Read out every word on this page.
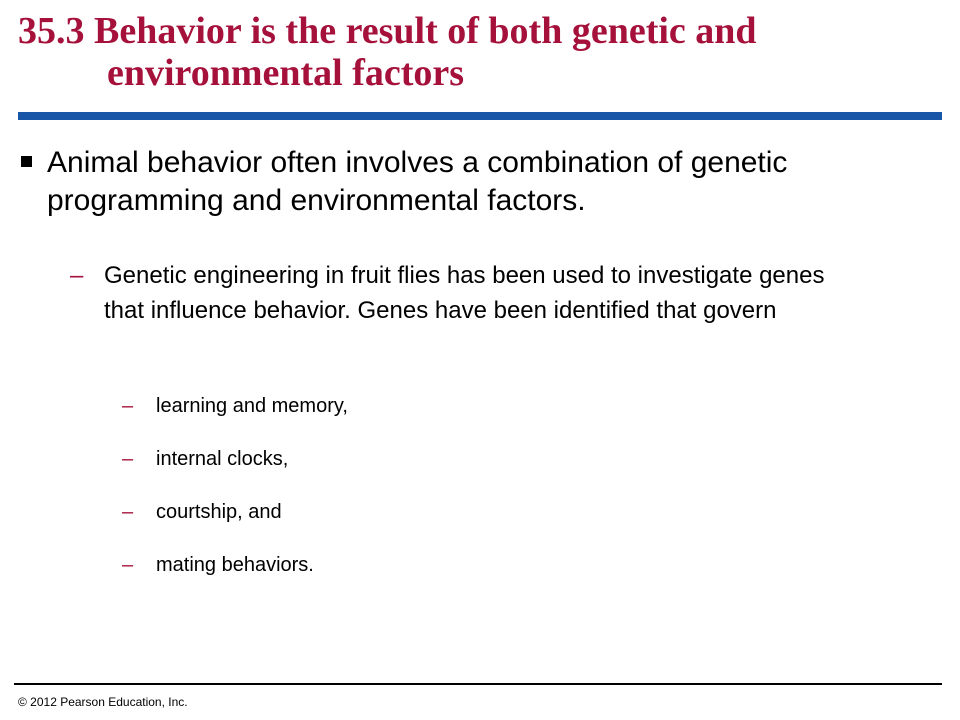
35.3 Behavior is the result of both genetic and
environmental factors
Animal behavior often involves a combination of genetic programming and environmental factors.
– Genetic engineering in fruit flies has been used to investigate genes that influence behavior. Genes have been identified that govern
–	learning and memory,
–	internal clocks,
–	courtship, and
–	mating behaviors.
© 2012 Pearson Education, Inc.
